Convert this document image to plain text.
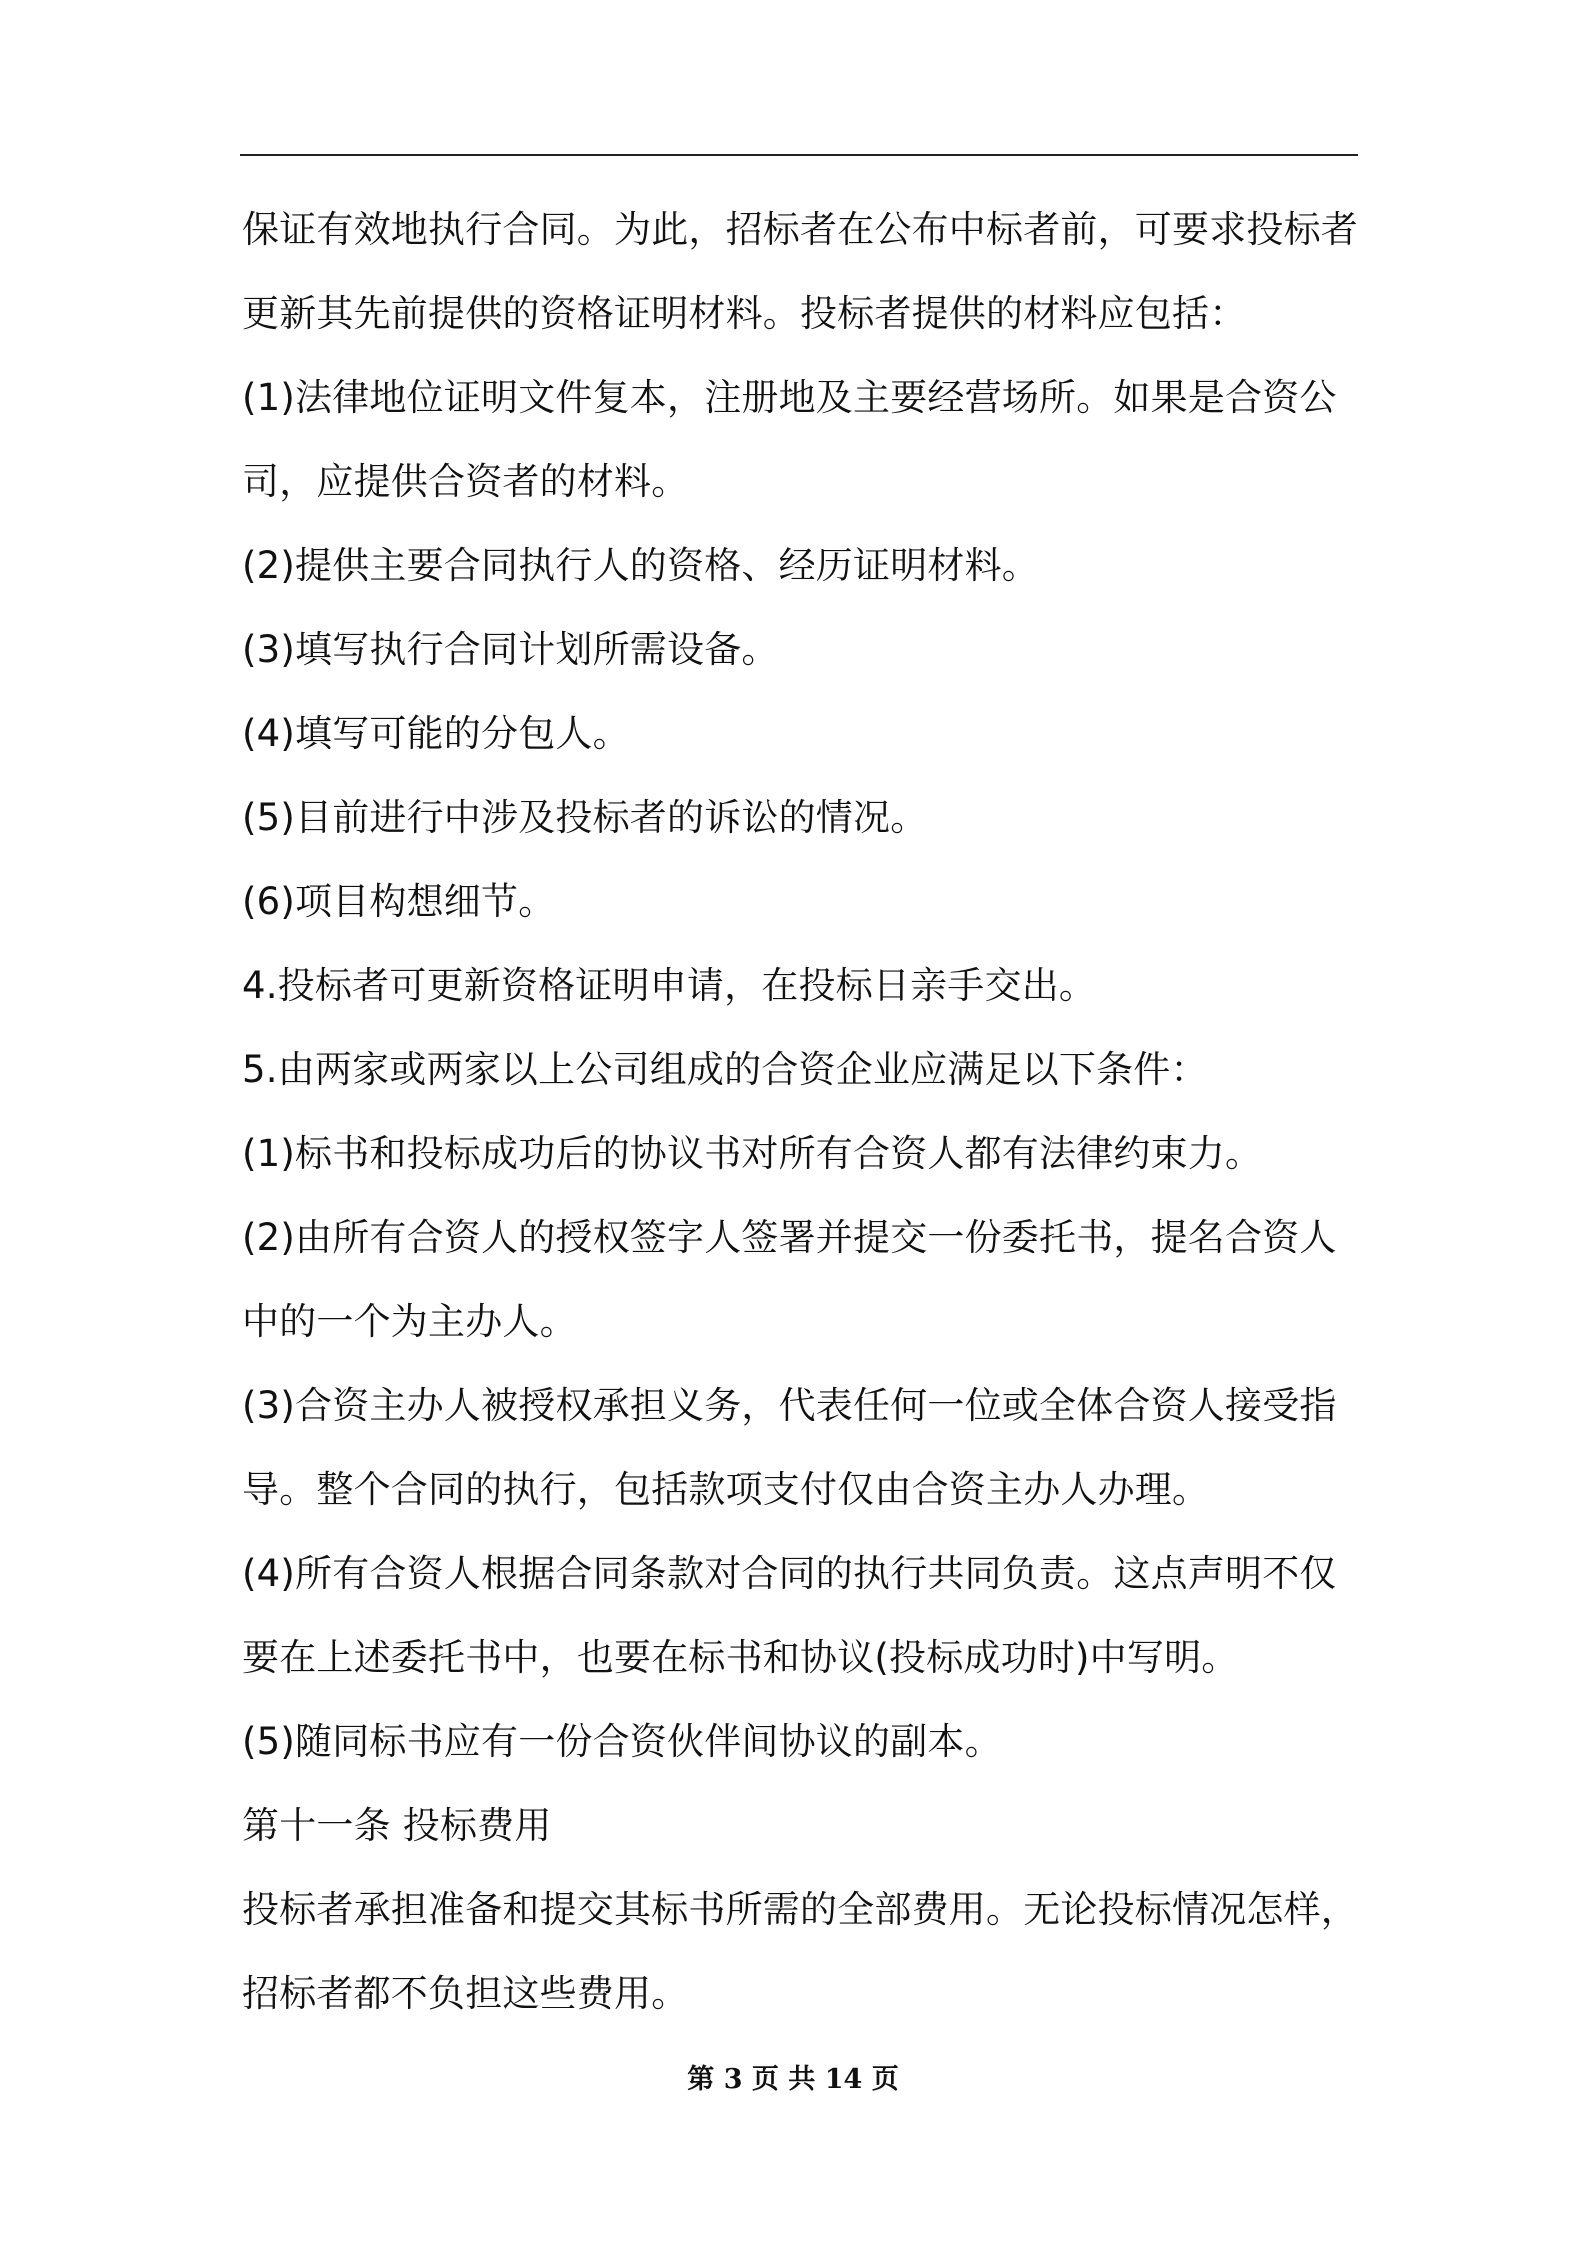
保证有效地执行合同。为此，招标者在公布中标者前，可要求投标者
更新其先前提供的资格证明材料。投标者提供的材料应包括：
(1)法律地位证明文件复本，注册地及主要经营场所。如果是合资公
司，应提供合资者的材料。
(2)提供主要合同执行人的资格、经历证明材料。
(3)填写执行合同计划所需设备。
(4)填写可能的分包人。
(5)目前进行中涉及投标者的诉讼的情况。
(6)项目构想细节。
4.投标者可更新资格证明申请，在投标日亲手交出。
5.由两家或两家以上公司组成的合资企业应满足以下条件：
(1)标书和投标成功后的协议书对所有合资人都有法律约束力。
(2)由所有合资人的授权签字人签署并提交一份委托书，提名合资人
中的一个为主办人。
(3)合资主办人被授权承担义务，代表任何一位或全体合资人接受指
导。整个合同的执行，包括款项支付仅由合资主办人办理。
(4)所有合资人根据合同条款对合同的执行共同负责。这点声明不仅
要在上述委托书中，也要在标书和协议(投标成功时)中写明。
(5)随同标书应有一份合资伙伴间协议的副本。
第十一条 投标费用
投标者承担准备和提交其标书所需的全部费用。无论投标情况怎样，
招标者都不负担这些费用。
第 3 页 共 14 页
